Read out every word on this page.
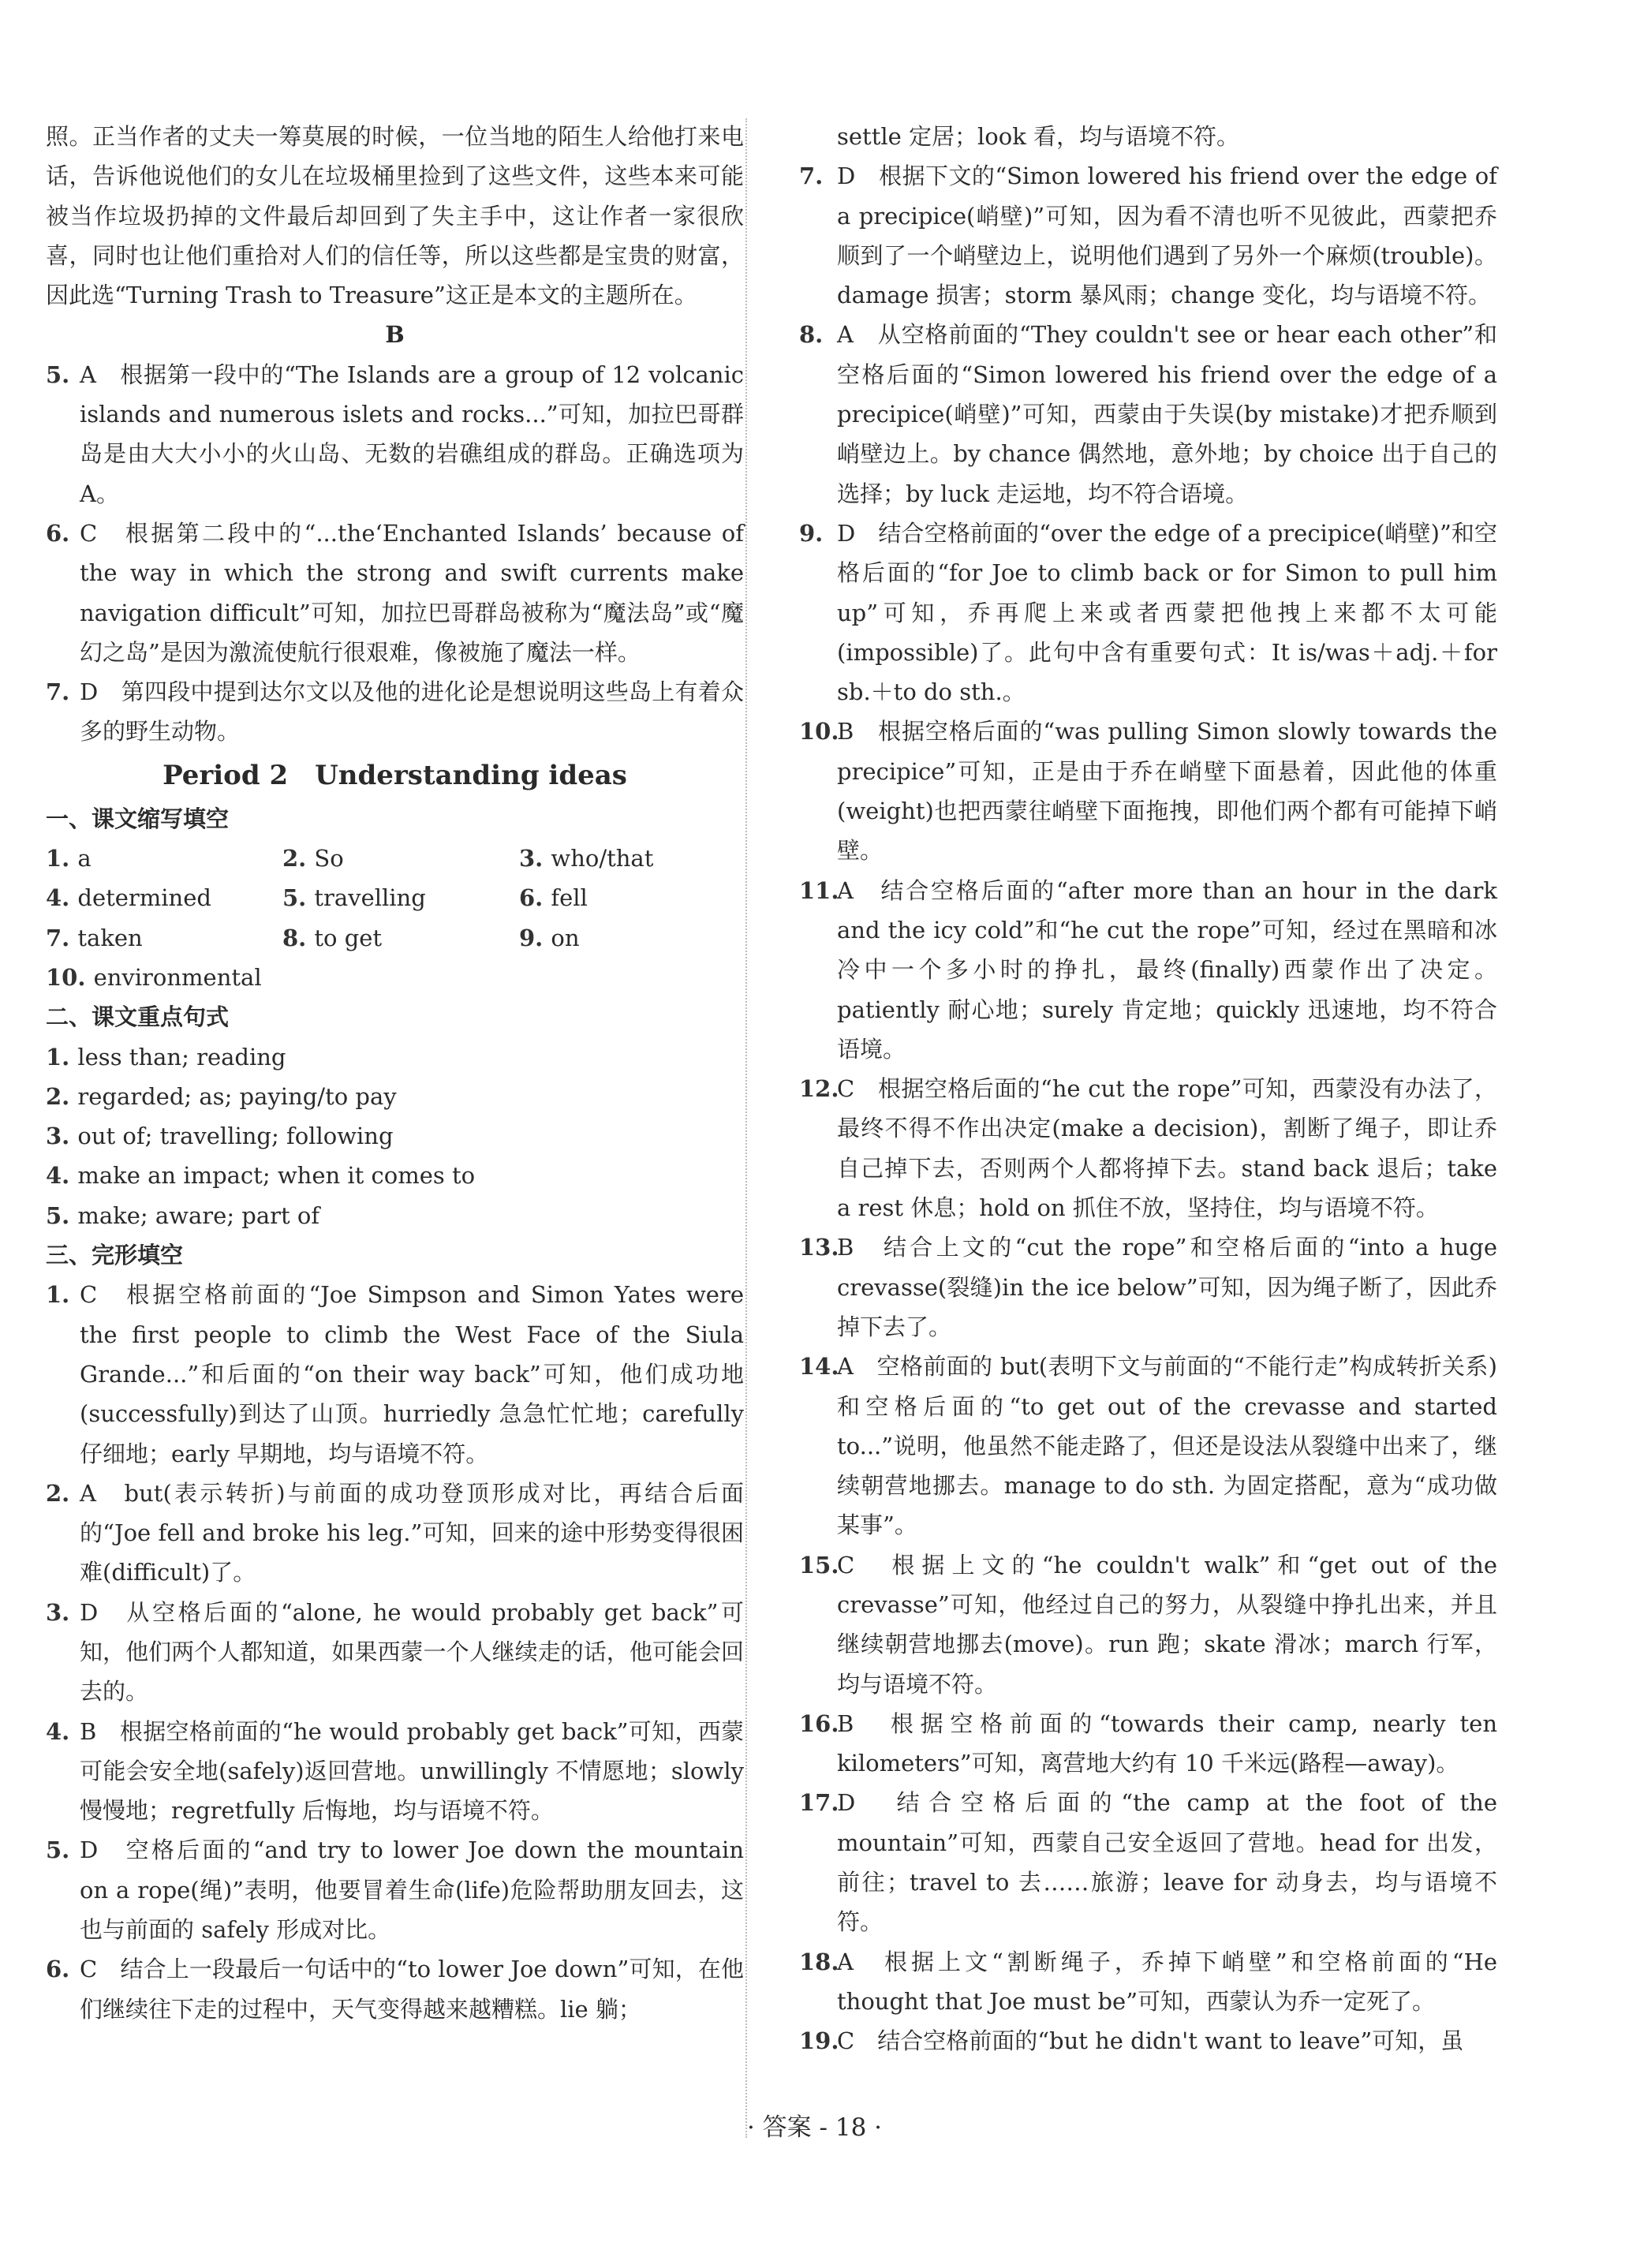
照。正当作者的丈夫一筹莫展的时候，一位当地的陌生人给他打来电话，告诉他说他们的女儿在垃圾桶里捡到了这些文件，这些本来可能被当作垃圾扔掉的文件最后却回到了失主手中，这让作者一家很欣喜，同时也让他们重拾对人们的信任等，所以这些都是宝贵的财富，因此选“Turning Trash to Treasure”这正是本文的主题所在。

B

5. A　根据第一段中的“The Islands are a group of 12 volcanic islands and numerous islets and rocks...”可知，加拉巴哥群岛是由大大小小的火山岛、无数的岩礁组成的群岛。正确选项为A。

6. C　根据第二段中的“...the‘Enchanted Islands’ because of the way in which the strong and swift currents make navigation difficult”可知，加拉巴哥群岛被称为“魔法岛”或“魔幻之岛”是因为激流使航行很艰难，像被施了魔法一样。

7. D　第四段中提到达尔文以及他的进化论是想说明这些岛上有着众多的野生动物。

Period 2　Understanding ideas

一、课文缩写填空

1. a	2. So	3. who/that
4. determined	5. travelling	6. fell
7. taken	8. to get	9. on
10. environmental

二、课文重点句式

1. less than; reading

2. regarded; as; paying/to pay

3. out of; travelling; following

4. make an impact; when it comes to

5. make; aware; part of

三、完形填空

1. C　根据空格前面的“Joe Simpson and Simon Yates were the first people to climb the West Face of the Siula Grande...”和后面的“on their way back”可知，他们成功地(successfully)到达了山顶。hurriedly 急急忙忙地；carefully 仔细地；early 早期地，均与语境不符。

2. A　but(表示转折)与前面的成功登顶形成对比，再结合后面的“Joe fell and broke his leg.”可知，回来的途中形势变得很困难(difficult)了。

3. D　从空格后面的“alone, he would probably get back”可知，他们两个人都知道，如果西蒙一个人继续走的话，他可能会回去的。

4. B　根据空格前面的“he would probably get back”可知，西蒙可能会安全地(safely)返回营地。unwillingly 不情愿地；slowly 慢慢地；regretfully 后悔地，均与语境不符。

5. D　空格后面的“and try to lower Joe down the mountain on a rope(绳)”表明，他要冒着生命(life)危险帮助朋友回去，这也与前面的 safely 形成对比。

6. C　结合上一段最后一句话中的“to lower Joe down”可知，在他们继续往下走的过程中，天气变得越来越糟糕。lie 躺；

settle 定居；look 看，均与语境不符。

7. D　根据下文的“Simon lowered his friend over the edge of a precipice(峭壁)”可知，因为看不清也听不见彼此，西蒙把乔顺到了一个峭壁边上，说明他们遇到了另外一个麻烦(trouble)。damage 损害；storm 暴风雨；change 变化，均与语境不符。

8. A　从空格前面的“They couldn't see or hear each other”和空格后面的“Simon lowered his friend over the edge of a precipice(峭壁)”可知，西蒙由于失误(by mistake)才把乔顺到峭壁边上。by chance 偶然地，意外地；by choice 出于自己的选择；by luck 走运地，均不符合语境。

9. D　结合空格前面的“over the edge of a precipice(峭壁)”和空格后面的“for Joe to climb back or for Simon to pull him up”可知，乔再爬上来或者西蒙把他拽上来都不太可能(impossible)了。此句中含有重要句式：It is/was＋adj.＋for sb.＋to do sth.。

10.
B　根据空格后面的“was pulling Simon slowly towards the precipice”可知，正是由于乔在峭壁下面悬着，因此他的体重(weight)也把西蒙往峭壁下面拖拽，即他们两个都有可能掉下峭壁。

11.
A　结合空格后面的“after more than an hour in the dark and the icy cold”和“he cut the rope”可知，经过在黑暗和冰冷中一个多小时的挣扎，最终(finally)西蒙作出了决定。patiently 耐心地；surely 肯定地；quickly 迅速地，均不符合语境。

12.
C　根据空格后面的“he cut the rope”可知，西蒙没有办法了，最终不得不作出决定(make a decision)，割断了绳子，即让乔自己掉下去，否则两个人都将掉下去。stand back 退后；take a rest 休息；hold on 抓住不放，坚持住，均与语境不符。

13.
B　结合上文的“cut the rope”和空格后面的“into a huge crevasse(裂缝)in the ice below”可知，因为绳子断了，因此乔掉下去了。

14.
A　空格前面的 but(表明下文与前面的“不能行走”构成转折关系)和空格后面的“to get out of the crevasse and started to...”说明，他虽然不能走路了，但还是设法从裂缝中出来了，继续朝营地挪去。manage to do sth. 为固定搭配，意为“成功做某事”。

15.
C　根据上文的“he couldn't walk”和“get out of the crevasse”可知，他经过自己的努力，从裂缝中挣扎出来，并且继续朝营地挪去(move)。run 跑；skate 滑冰；march 行军，均与语境不符。

16.
B　根据空格前面的“towards their camp, nearly ten kilometers”可知，离营地大约有 10 千米远(路程—away)。

17.
D　结合空格后面的“the camp at the foot of the mountain”可知，西蒙自己安全返回了营地。head for 出发，前往；travel to 去……旅游；leave for 动身去，均与语境不符。

18.
A　根据上文“割断绳子，乔掉下峭壁”和空格前面的“He thought that Joe must be”可知，西蒙认为乔一定死了。

19.
C　结合空格前面的“but he didn't want to leave”可知，虽

· 答案 - 18 ·
